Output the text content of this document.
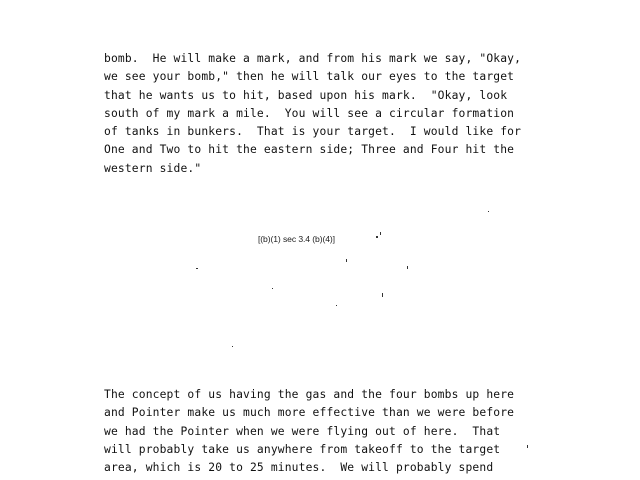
bomb.  He will make a mark, and from his mark we say, "Okay,
we see your bomb," then he will talk our eyes to the target
that he wants us to hit, based upon his mark.  "Okay, look
south of my mark a mile.  You will see a circular formation
of tanks in bunkers.  That is your target.  I would like for
One and Two to hit the eastern side; Three and Four hit the
western side."
[(b)(1) sec 3.4 (b)(4)]
The concept of us having the gas and the four bombs up here
and Pointer make us much more effective than we were before
we had the Pointer when we were flying out of here.  That
will probably take us anywhere from takeoff to the target
area, which is 20 to 25 minutes.  We will probably spend
